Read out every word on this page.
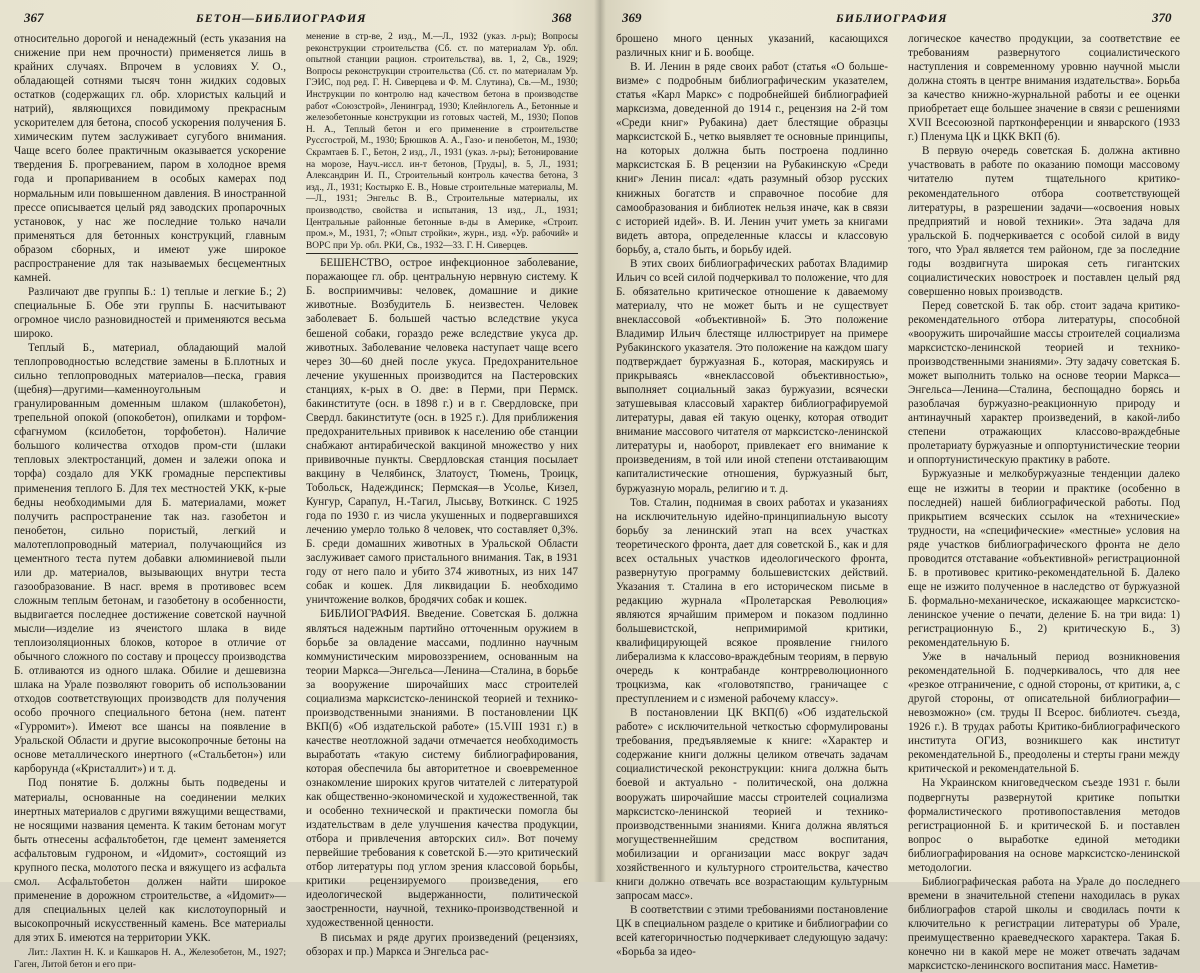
367	БЕТОН—БИБЛИОГРАФИЯ	368

относительно дорогой и ненадежный (есть указания на снижение при нем прочности) применяется лишь в крайних случаях. Впрочем в условиях У. О., обладающей сотнями тысяч тонн жидких содовых остатков (содержащих гл. обр. хлористых кальций и натрий), являющихся повидимому прекрасным ускорителем для бетона, способ ускорения получения Б. химическим путем заслуживает сугубого внимания. Чаще всего более практичным оказывается ускорение твердения Б. прогреванием, паром в холодное время года и пропариванием в особых камерах под нормальным или повышенном давления. В иностранной прессе описывается целый ряд заводских пропарочных установок, у нас же последние только начали применяться для бетонных конструкций, главным образом сборных, и имеют уже широкое распространение для так называемых бесцементных камней.

Различают две группы Б.: 1) теплые и легкие Б.; 2) специальные Б. Обе эти группы Б. насчитывают огромное число разновидностей и применяются весьма широко.

Теплый Б., материал, обладающий малой теплопроводностью вследствие замены в Б.плотных и сильно теплопроводных материалов—песка, гравия (щебня)—другими—каменноугольным и гранулированным доменным шлаком (шлакобетон), трепельной опокой (опокобетон), опилками и торфом-сфагнумом (ксилобетон, торфобетон). Наличие большого количества отходов пром-сти (шлаки тепловых электростанций, домен и залежи опока и торфа) создало для УКК громадные перспективы применения теплого Б. Для тех местностей УКК, к-рые бедны необходимыми для Б. материалами, может получить распространение так наз. газобетон и пенобетон, сильно пористый, легкий и малотеплопроводный материал, получающийся из цементного теста путем добавки алюминиевой пыли или др. материалов, вызывающих внутри теста газообразование. В насг. время в противовес всем сложным теплым бетонам, и газобетону в особенности, выдвигается последнее достижение советской научной мысли—изделие из ячеистого шлака в виде теплоизоляционных блоков, которое в отличие от обычного сложного по составу и процессу производства Б. отливаются из одного шлака. Обилие и дешевизна шлака на Урале позволяют говорить об использовании отходов соответствующих производств для получения особо прочного специального бетона (нем. патент «Гурромит»). Имеют все шансы на появление в Уральской Области и другие высокопрочные бетоны на основе металлического инертного («Стальбетон») или карборунда («Кристаллит») и т. д.

Под понятие Б. должны быть подведены и материалы, основанные на соединении мелких инертных материалов с другими вяжущими веществами, не носящими названия цемента. К таким бетонам могут быть отнесены асфальтобетон, где цемент заменяется асфальтовым гудроном, и «Идомит», состоящий из крупного песка, молотого песка и вяжущего из асфальта смол. Асфальтобетон должен найти широкое применение в дорожном строительстве, а «Идомит»—для специальных целей как кислотоупорный и высокопрочный искусственный камень. Все материалы для этих Б. имеются на территории УКК.

Лит.: Лахтин Н. К. и Кашкаров Н. А., Железобетон, М., 1927; Гаген, Литой бетон и его при-

менение в стр-ве, 2 изд., М.—Л., 1932 (указ. л-ры); Вопросы реконструкции строительства (Сб. ст. по материалам Ур. обл. опытной станции рацион. строительства), вв. 1, 2, Св., 1929; Вопросы реконструкции строительства (Сб. ст. по материалам Ур. ГЭИС, под ред. Г. Н. Сиверцева и Ф. М. Слутина), Св.—М., 1930; Инструкции по контролю над качеством бетона в производстве работ «Союзстрой», Ленинград, 1930; Клейнлогель А., Бетонные и железобетонные конструкции из готовых частей, М., 1930; Попов Н. А., Теплый бетон и его применение в строительстве Руссгострой, М., 1930; Брюшков А. А., Газо- и пенобетон, М., 1930; Скрамтаев Б. Г., Бетон, 2 изд., Л., 1931 (указ. л-ры); Бетонирование на морозе, Науч.-иссл. ин-т бетонов, [Труды], в. 5, Л., 1931; Александрин И. П., Строительный контроль качества бетона, 3 изд., Л., 1931; Костырко Е. В., Новые строительные материалы, М.—Л., 1931; Энгельс В. В., Строительные материалы, их производство, свойства и испытания, 13 изд., Л., 1931; Центральные районные бетонные в-ды в Америке, «Строит. пром.», М., 1931, 7; «Опыт стройки», журн., изд. «Ур. рабочий» и ВОРС при Ур. обл. РКИ, Св., 1932—33. Г. Н. Сиверцев.

БЕШЕНСТВО, острое инфекционное заболевание, поражающее гл. обр. центральную нервную систему. К Б. восприимчивы: человек, домашние и дикие животные. Возбудитель Б. неизвестен. Человек заболевает Б. большей частью вследствие укуса бешеной собаки, гораздо реже вследствие укуса др. животных. Заболевание человека наступает чаще всего через 30—60 дней после укуса. Предохранительное лечение укушенных производится на Пастеровских станциях, к-рых в О. две: в Перми, при Пермск. бакинституте (осн. в 1898 г.) и в г. Свердловске, при Свердл. бакинституте (осн. в 1925 г.). Для приближения предохранительных прививок к населению обе станции снабжают антирабической вакциной множество у них прививочные пункты. Свердловская станция посылает вакцину в Челябинск, Златоуст, Тюмень, Троицк, Тобольск, Надеждинск; Пермская—в Усолье, Кизел, Кунгур, Сарапул, Н.-Тагил, Лысьву, Воткинск. С 1925 года по 1930 г. из числа укушенных и подвергавшихся лечению умерло только 8 человек, что составляет 0,3%. Б. среди домашних животных в Уральской Области заслуживает самого пристального внимания. Так, в 1931 году от него пало и убито 374 животных, из них 147 собак и кошек. Для ликвидации Б. необходимо уничтожение волков, бродячих собак и кошек.

БИБЛИОГРАФИЯ. Введение. Советская Б. должна являться надежным партийно отточенным оружием в борьбе за овладение массами, подлинно научным коммунистическим мировоззрением, основанным на теории Маркса—Энгельса—Ленина—Сталина, в борьбе за вооружение широчайших масс строителей социализма марксистско-ленинской теорией и технико-производственными знаниями. В постановлении ЦК ВКП(б) «Об издательской работе» (15.VIII 1931 г.) в качестве неотложной задачи отмечается необходимость выработать «такую систему библиографирования, которая обеспечила бы авторитетное и своевременное ознакомление широких кругов читателей с литературой как общественно-экономической и художественной, так и особенно технической и практически помогла бы издательствам в деле улучшения качества продукции, отбора и привлечения авторских сил». Вот почему первейшие требования к советской Б.—это критический отбор литературы под углом зрения классовой борьбы, критики рецензируемого произведения, его идеологической выдержанности, политической заостренности, научной, технико-производственной и художественной ценности.

В письмах и ряде других произведений (рецензиях, обзорах и пр.) Маркса и Энгельса рас-

369	БИБЛИОГРАФИЯ	370

брошено много ценных указаний, касающихся различных книг и Б. вообще.

В. И. Ленин в ряде своих работ (статья «О большевизме» с подробным библиографическим указателем, статья «Карл Маркс» с подробнейшей библиографией марксизма, доведенной до 1914 г., рецензия на 2-й том «Среди книг» Рубакина) дает блестящие образцы марксистской Б., четко выявляет те основные принципы, на которых должна быть построена подлинно марксистская Б. В рецензии на Рубакинскую «Среди книг» Ленин писал: «дать разумный обзор русских книжных богатств и справочное пособие для самообразования и библиотек нельзя иначе, как в связи с историей идей». В. И. Ленин учит уметь за книгами видеть автора, определенные классы и классовую борьбу, а, стало быть, и борьбу идей.

В этих своих библиографических работах Владимир Ильич со всей силой подчеркивал то положение, что для Б. обязательно критическое отношение к даваемому материалу, что не может быть и не существует внеклассовой «объективной» Б. Это положение Владимир Ильич блестяще иллюстрирует на примере Рубакинского указателя. Это положение на каждом шагу подтверждает буржуазная Б., которая, маскируясь и прикрываясь «внеклассовой объективностью», выполняет социальный заказ буржуазии, всячески затушевывая классовый характер библиографируемой литературы, давая ей такую оценку, которая отводит внимание массового читателя от марксистско-ленинской литературы и, наоборот, привлекает его внимание к произведениям, в той или иной степени отстаивающим капиталистические отношения, буржуазный быт, буржуазную мораль, религию и т. д.

Тов. Сталин, поднимая в своих работах и указаниях на исключительную идейно-принципиальную высоту борьбу за ленинский этап на всех участках теоретического фронта, дает для советской Б., как и для всех остальных участков идеологического фронта, развернутую программу большевистских действий. Указания т. Сталина в его историческом письме в редакцию журнала «Пролетарская Революция» являются ярчайшим примером и показом подлинно большевистской, непримиримой критики, квалифицирующей всякое проявление гнилого либерализма к классово-враждебным теориям, в первую очередь к контрабанде контрреволюционного троцкизма, как «головотяпство, граничащее с преступлением и с изменой рабочему классу».

В постановлении ЦК ВКП(б) «Об издательской работе» с исключительной четкостью сформулированы требования, предъявляемые к книге: «Характер и содержание книги должны целиком отвечать задачам социалистической реконструкции: книга должна быть боевой и актуально - политической, она должна вооружать широчайшие массы строителей социализма марксистско-ленинской теорией и технико-производственными знаниями. Книга должна являться могущественнейшим средством воспитания, мобилизации и организации масс вокруг задач хозяйственного и культурного строительства, качество книги должно отвечать все возрастающим культурным запросам масс».

В соответствии с этими требованиями постановление ЦК в специальном разделе о критике и библиографии со всей категоричностью подчеркивает следующую задачу: «Борьба за идео-

логическое качество продукции, за соответствие ее требованиям развернутого социалистического наступления и современному уровню научной мысли должна стоять в центре внимания издательства». Борьба за качество книжно-журнальной работы и ее оценки приобретает еще большее значение в связи с решениями XVII Всесоюзной партконференции и январского (1933 г.) Пленума ЦК и ЦКК ВКП (б).

В первую очередь советская Б. должна активно участвовать в работе по оказанию помощи массовому читателю путем тщательного критико-рекомендательного отбора соответствующей литературы, в разрешении задачи—«освоения новых предприятий и новой техники». Эта задача для уральской Б. подчеркивается с особой силой в виду того, что Урал является тем районом, где за последние годы воздвигнута широкая сеть гигантских социалистических новостроек и поставлен целый ряд совершенно новых производств.

Перед советской Б. так обр. стоит задача критико-рекомендательного отбора литературы, способной «вооружить широчайшие массы строителей социализма марксистско-ленинской теорией и технико-производственными знаниями». Эту задачу советская Б. может выполнить только на основе теории Маркса—Энгельса—Ленина—Сталина, беспощадно борясь и разоблачая буржуазно-реакционную природу и антинаучный характер произведений, в какой-либо степени отражающих классово-враждебные пролетариату буржуазные и оппортунистические теории и оппортунистическую практику в работе.

Буржуазные и мелкобуржуазные тенденции далеко еще не изжиты в теории и практике (особенно в последней) нашей библиографической работы. Под прикрытием всяческих ссылок на «технические» трудности, на «специфические» «местные» условия на ряде участков библиографического фронта не дело проводится отставание «объективной» регистрационной Б. в противовес критико-рекомендательной Б. Далеко еще не изжито полученное в наследство от буржуазной Б. формально-механическое, искажающее марксистско-ленинское учение о печати, деление Б. на три вида: 1) регистрационную Б., 2) критическую Б., 3) рекомендательную Б.

Уже в начальный период возникновения рекомендательной Б. подчеркивалось, что для нее «резкое отграничение, с одной стороны, от критики, а, с другой стороны, от описательной библиографии—невозможно» (см. труды II Всерос. библиотеч. съезда, 1926 г.). В трудах работы Критико-библиографического института ОГИЗ, возникшего как институт рекомендательной Б., преодолены и стерты грани между критической и рекомендательной Б.

На Украинском книговедческом съезде 1931 г. были подвергнуты развернутой критике попытки формалистического противопоставления методов регистрационной Б. и критической Б. и поставлен вопрос о выработке единой методики библиографирования на основе марксистско-ленинской методологии.

Библиографическая работа на Урале до последнего времени в значительной степени находилась в руках библиографов старой школы и сводилась почти к ключительно к регистрации литературы об Урале, преимущественно краеведческого характера. Такая Б. конечно ни в какой мере не может отвечать задачам марксистско-ленинского воспитания масс. Наметив-
